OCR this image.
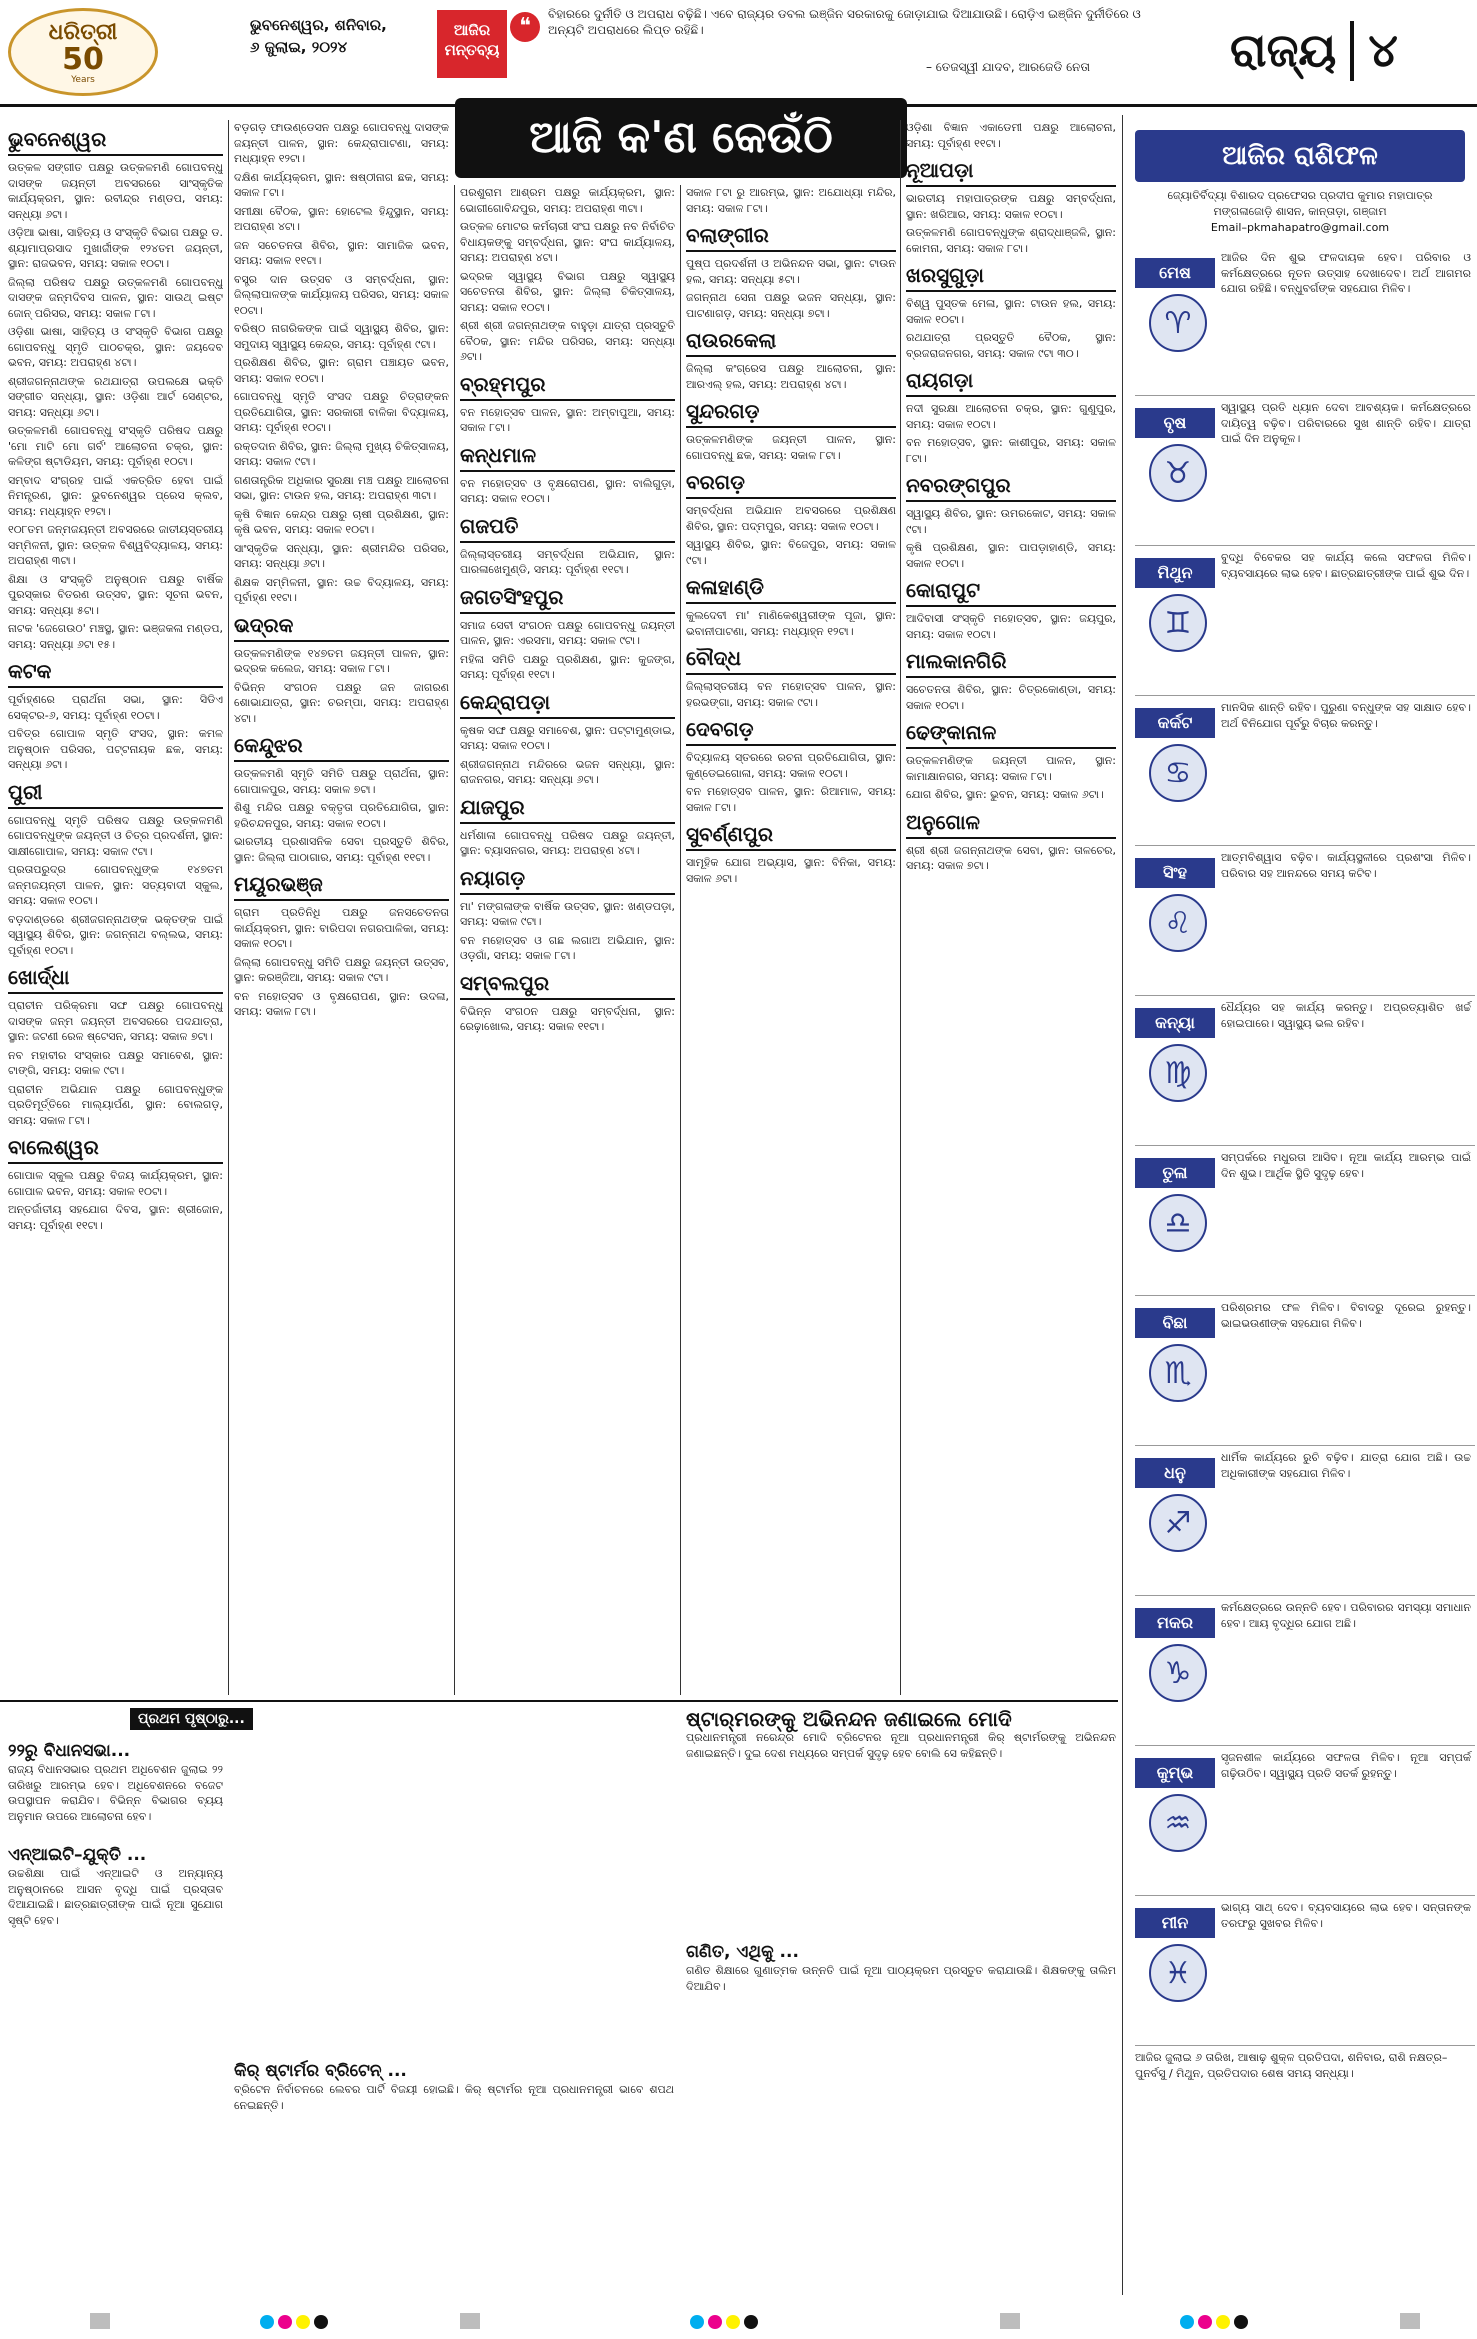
ଧରିତ୍ରୀ
50
Years
ଭୁବନେଶ୍ୱର, ଶନିବାର,
୬ ଜୁଲାଇ, ୨୦୨୪
ଆଜିର ମନ୍ତବ୍ୟ
❝	ବିହାରରେ ଦୁର୍ନୀତି ଓ ଅପରାଧ ବଢ଼ିଛି। ଏବେ ରାଜ୍ୟର ଡବଲ ଇଞ୍ଜିନ ସରକାରକୁ ଜୋଡ଼ାଯାଇ ଦିଆଯାଉଛି। ରୋଡ଼ିଏ ଇଞ୍ଜିନ ଦୁର୍ନୀତିରେ ଓ ଅନ୍ୟଟି ଅପରାଧରେ ଲିପ୍ତ ରହିଛି।
– ତେଜସ୍ୱୀ ଯାଦବ, ଆରଜେଡି ନେତା	ରାଜ୍ୟ ୪
ଆଜି କ'ଣ କେଉଁଠି
ଭୁବନେଶ୍ୱର

ଉତ୍କଳ ସଙ୍ଗୀତ ପକ୍ଷରୁ ଉତ୍କଳମଣି ଗୋପବନ୍ଧୁ ଦାସଙ୍କ ଜୟନ୍ତୀ ଅବସରରେ ସାଂସ୍କୃତିକ କାର୍ଯ୍ୟକ୍ରମ, ସ୍ଥାନ: ରବୀନ୍ଦ୍ର ମଣ୍ଡପ, ସମୟ: ସନ୍ଧ୍ୟା ୬ଟା।

ଓଡ଼ିଆ ଭାଷା, ସାହିତ୍ୟ ଓ ସଂସ୍କୃତି ବିଭାଗ ପକ୍ଷରୁ ଡ. ଶ୍ୟାମାପ୍ରସାଦ ମୁଖାର୍ଜୀଙ୍କ ୧୨୪ତମ ଜୟନ୍ତୀ, ସ୍ଥାନ: ରାଜଭବନ, ସମୟ: ସକାଳ ୧୦ଟା।

ଜିଲ୍ଲା ପରିଷଦ ପକ୍ଷରୁ ଉତ୍କଳମଣି ଗୋପବନ୍ଧୁ ଦାସଙ୍କ ଜନ୍ମଦିବସ ପାଳନ, ସ୍ଥାନ: ସାଉଥ୍ ଇଷ୍ଟ ଜୋନ୍ ପରିସର, ସମୟ: ସକାଳ ୮ଟା।

ଓଡ଼ିଶା ଭାଷା, ସାହିତ୍ୟ ଓ ସଂସ୍କୃତି ବିଭାଗ ପକ୍ଷରୁ ଗୋପବନ୍ଧୁ ସ୍ମୃତି ପାଠଚକ୍ର, ସ୍ଥାନ: ଜୟଦେବ ଭବନ, ସମୟ: ଅପରାହ୍ଣ ୪ଟା।

ଶ୍ରୀଜଗନ୍ନାଥଙ୍କ ରଥଯାତ୍ରା ଉପଲକ୍ଷେ ଭକ୍ତି ସଙ୍ଗୀତ ସନ୍ଧ୍ୟା, ସ୍ଥାନ: ଓଡ଼ିଶା ଆର୍ଟ ସେଣ୍ଟର, ସମୟ: ସନ୍ଧ୍ୟା ୬ଟା।

ଉତ୍କଳମଣି ଗୋପବନ୍ଧୁ ସଂସ୍କୃତି ପରିଷଦ ପକ୍ଷରୁ 'ମୋ ମାଟି ମୋ ଗର୍ବ' ଆଲୋଚନା ଚକ୍ର, ସ୍ଥାନ: କଳିଙ୍ଗ ଷ୍ଟାଡିୟମ, ସମୟ: ପୂର୍ବାହ୍ଣ ୧୦ଟା।

ସମ୍ବାଦ ସଂଗ୍ରହ ପାଇଁ ଏକତ୍ରିତ ହେବା ପାଇଁ ନିମନ୍ତ୍ରଣ, ସ୍ଥାନ: ଭୁବନେଶ୍ୱର ପ୍ରେସ କ୍ଲବ, ସମୟ: ମଧ୍ୟାହ୍ନ ୧୨ଟା।

୧୦୮ତମ ଜନ୍ମଜୟନ୍ତୀ ଅବସରରେ ଜାତୀୟସ୍ତରୀୟ ସମ୍ମିଳନୀ, ସ୍ଥାନ: ଉତ୍କଳ ବିଶ୍ୱବିଦ୍ୟାଳୟ, ସମୟ: ଅପରାହ୍ଣ ୩ଟା।

ଶିକ୍ଷା ଓ ସଂସ୍କୃତି ଅନୁଷ୍ଠାନ ପକ୍ଷରୁ ବାର୍ଷିକ ପୁରସ୍କାର ବିତରଣ ଉତ୍ସବ, ସ୍ଥାନ: ସୂଚନା ଭବନ, ସମୟ: ସନ୍ଧ୍ୟା ୫ଟା।

ନାଟକ 'ଜେଗେଉଠ' ମଞ୍ଚସ୍ଥ, ସ୍ଥାନ: ଭଞ୍ଜକଳା ମଣ୍ଡପ, ସମୟ: ସନ୍ଧ୍ୟା ୬ଟା ୧୫।

କଟକ

ପୂର୍ବାହ୍ଣରେ ପ୍ରାର୍ଥନା ସଭା, ସ୍ଥାନ: ସିଡିଏ ସେକ୍ଟର-୬, ସମୟ: ପୂର୍ବାହ୍ଣ ୧୦ଟା।

ପବିତ୍ର ଗୋପାଳ ସ୍ମୃତି ସଂସଦ, ସ୍ଥାନ: କମଳ ଅନୁଷ୍ଠାନ ପରିସର, ପଟ୍ଟନାୟକ ଛକ, ସମୟ: ସନ୍ଧ୍ୟା ୬ଟା।

ପୁରୀ

ଗୋପବନ୍ଧୁ ସ୍ମୃତି ପରିଷଦ ପକ୍ଷରୁ ଉତ୍କଳମଣି ଗୋପବନ୍ଧୁଙ୍କ ଜୟନ୍ତୀ ଓ ଚିତ୍ର ପ୍ରଦର୍ଶନୀ, ସ୍ଥାନ: ସାକ୍ଷୀଗୋପାଳ, ସମୟ: ସକାଳ ୯ଟା।

ପ୍ରତାପରୁଦ୍ର ଗୋପବନ୍ଧୁଙ୍କ ୧୪୭ତମ ଜନ୍ମଜୟନ୍ତୀ ପାଳନ, ସ୍ଥାନ: ସତ୍ୟବାଦୀ ସ୍କୁଲ, ସମୟ: ସକାଳ ୧୦ଟା।

ବଡ଼ଦାଣ୍ଡରେ ଶ୍ରୀଜଗନ୍ନାଥଙ୍କ ଭକ୍ତଙ୍କ ପାଇଁ ସ୍ୱାସ୍ଥ୍ୟ ଶିବିର, ସ୍ଥାନ: ଜଗନ୍ନାଥ ବଲ୍ଲଭ, ସମୟ: ପୂର୍ବାହ୍ଣ ୧୦ଟା।

ଖୋର୍ଦ୍ଧା

ପ୍ରାଚୀନ ପରିକ୍ରମା ସଙ୍ଘ ପକ୍ଷରୁ ଗୋପବନ୍ଧୁ ଦାସଙ୍କ ଜନ୍ମ ଜୟନ୍ତୀ ଅବସରରେ ପଦଯାତ୍ରା, ସ୍ଥାନ: ଜଟଣୀ ରେଳ ଷ୍ଟେସନ, ସମୟ: ସକାଳ ୭ଟା।

ନବ ମହାବୀର ସଂସ୍କାର ପକ୍ଷରୁ ସମାବେଶ, ସ୍ଥାନ: ଟାଙ୍ଗି, ସମୟ: ସକାଳ ୯ଟା।

ପ୍ରାଚୀନ ଅଭିଯାନ ପକ୍ଷରୁ ଗୋପବନ୍ଧୁଙ୍କ ପ୍ରତିମୂର୍ତ୍ତିରେ ମାଲ୍ୟାର୍ପଣ, ସ୍ଥାନ: ବୋଲଗଡ଼, ସମୟ: ସକାଳ ୮ଟା।

ବାଲେଶ୍ୱର

ଗୋପାଳ ସ୍କୁଲ ପକ୍ଷରୁ ବିଜୟ କାର୍ଯ୍ୟକ୍ରମ, ସ୍ଥାନ: ଗୋପାଳ ଭବନ, ସମୟ: ସକାଳ ୧୦ଟା।

ଅନ୍ତର୍ଜାତୀୟ ସହଯୋଗ ଦିବସ, ସ୍ଥାନ: ଶ୍ରୀଜୋନ, ସମୟ: ପୂର୍ବାହ୍ଣ ୧୧ଟା।

ବଡ଼ଗଡ଼ ଫାଉଣ୍ଡେସନ ପକ୍ଷରୁ ଗୋପବନ୍ଧୁ ଦାସଙ୍କ ଜୟନ୍ତୀ ପାଳନ, ସ୍ଥାନ: କେନ୍ଦ୍ରାପାଟଣା, ସମୟ: ମଧ୍ୟାହ୍ନ ୧୨ଟା।

ଦକ୍ଷିଣ କାର୍ଯ୍ୟକ୍ରମ, ସ୍ଥାନ: ଷଷ୍ଠୀନାଗ ଛକ, ସମୟ: ସକାଳ ୮ଟା।

ସମୀକ୍ଷା ବୈଠକ, ସ୍ଥାନ: ହୋଟେଲ ହିନ୍ଦୁସ୍ଥାନ, ସମୟ: ଅପରାହ୍ଣ ୪ଟା।

ଜନ ସଚେତନତା ଶିବିର, ସ୍ଥାନ: ସାମାଜିକ ଭବନ, ସମୟ: ସକାଳ ୧୧ଟା।

ବସ୍ତ୍ର ଦାନ ଉତ୍ସବ ଓ ସମ୍ବର୍ଦ୍ଧନା, ସ୍ଥାନ: ଜିଲ୍ଲାପାଳଙ୍କ କାର୍ଯ୍ୟାଳୟ ପରିସର, ସମୟ: ସକାଳ ୧୦ଟା।

ବରିଷ୍ଠ ନାଗରିକଙ୍କ ପାଇଁ ସ୍ୱାସ୍ଥ୍ୟ ଶିବିର, ସ୍ଥାନ: ସମୁଦାୟ ସ୍ୱାସ୍ଥ୍ୟ କେନ୍ଦ୍ର, ସମୟ: ପୂର୍ବାହ୍ଣ ୯ଟା।

ପ୍ରଶିକ୍ଷଣ ଶିବିର, ସ୍ଥାନ: ଗ୍ରାମ ପଞ୍ଚାୟତ ଭବନ, ସମୟ: ସକାଳ ୧୦ଟା।

ଗୋପବନ୍ଧୁ ସ୍ମୃତି ସଂସଦ ପକ୍ଷରୁ ଚିତ୍ରାଙ୍କନ ପ୍ରତିଯୋଗିତା, ସ୍ଥାନ: ସରକାରୀ ବାଳିକା ବିଦ୍ୟାଳୟ, ସମୟ: ପୂର୍ବାହ୍ଣ ୧୦ଟା।

ରକ୍ତଦାନ ଶିବିର, ସ୍ଥାନ: ଜିଲ୍ଲା ମୁଖ୍ୟ ଚିକିତ୍ସାଳୟ, ସମୟ: ସକାଳ ୯ଟା।

ଗଣତାନ୍ତ୍ରିକ ଅଧିକାର ସୁରକ୍ଷା ମଞ୍ଚ ପକ୍ଷରୁ ଆଲୋଚନା ସଭା, ସ୍ଥାନ: ଟାଉନ ହଲ, ସମୟ: ଅପରାହ୍ଣ ୩ଟା।

କୃଷି ବିଜ୍ଞାନ କେନ୍ଦ୍ର ପକ୍ଷରୁ ଚାଷୀ ପ୍ରଶିକ୍ଷଣ, ସ୍ଥାନ: କୃଷି ଭବନ, ସମୟ: ସକାଳ ୧୦ଟା।

ସାଂସ୍କୃତିକ ସନ୍ଧ୍ୟା, ସ୍ଥାନ: ଶ୍ରୀମନ୍ଦିର ପରିସର, ସମୟ: ସନ୍ଧ୍ୟା ୬ଟା।

ଶିକ୍ଷକ ସମ୍ମିଳନୀ, ସ୍ଥାନ: ଉଚ୍ଚ ବିଦ୍ୟାଳୟ, ସମୟ: ପୂର୍ବାହ୍ଣ ୧୧ଟା।

ଭଦ୍ରକ

ଉତ୍କଳମଣିଙ୍କ ୧୪୭ତମ ଜୟନ୍ତୀ ପାଳନ, ସ୍ଥାନ: ଭଦ୍ରକ କଲେଜ, ସମୟ: ସକାଳ ୮ଟା।

ବିଭିନ୍ନ ସଂଗଠନ ପକ୍ଷରୁ ଜନ ଜାଗରଣ ଶୋଭାଯାତ୍ରା, ସ୍ଥାନ: ଚରମ୍ପା, ସମୟ: ଅପରାହ୍ଣ ୪ଟା।

କେନ୍ଦୁଝର

ଉତ୍କଳମଣି ସ୍ମୃତି ସମିତି ପକ୍ଷରୁ ପ୍ରାର୍ଥନା, ସ୍ଥାନ: ଗୋପାଳପୁର, ସମୟ: ସକାଳ ୭ଟା।

ଶିଶୁ ମନ୍ଦିର ପକ୍ଷରୁ ବକ୍ତୃତା ପ୍ରତିଯୋଗିତା, ସ୍ଥାନ: ହରିଚନ୍ଦନପୁର, ସମୟ: ସକାଳ ୧୦ଟା।

ଭାରତୀୟ ପ୍ରଶାସନିକ ସେବା ପ୍ରସ୍ତୁତି ଶିବିର, ସ୍ଥାନ: ଜିଲ୍ଲା ପାଠାଗାର, ସମୟ: ପୂର୍ବାହ୍ଣ ୧୧ଟା।

ମୟୂରଭଞ୍ଜ

ଗ୍ରାମ ପ୍ରତିନିଧି ପକ୍ଷରୁ ଜନସଚେତନତା କାର୍ଯ୍ୟକ୍ରମ, ସ୍ଥାନ: ବାରିପଦା ନଗରପାଳିକା, ସମୟ: ସକାଳ ୧୦ଟା।

ଜିଲ୍ଲା ଗୋପବନ୍ଧୁ ସମିତି ପକ୍ଷରୁ ଜୟନ୍ତୀ ଉତ୍ସବ, ସ୍ଥାନ: କରଞ୍ଜିଆ, ସମୟ: ସକାଳ ୯ଟା।

ବନ ମହୋତ୍ସବ ଓ ବୃକ୍ଷରୋପଣ, ସ୍ଥାନ: ଉଦଳା, ସମୟ: ସକାଳ ୮ଟା।

ପରଶୁରାମ ଆଶ୍ରମ ପକ୍ଷରୁ କାର୍ଯ୍ୟକ୍ରମ, ସ୍ଥାନ: ଭୋଗୀଗୋବିନ୍ଦପୁର, ସମୟ: ଅପରାହ୍ଣ ୩ଟା।

ଉତ୍କଳ ମୋଟର କର୍ମଚାରୀ ସଂଘ ପକ୍ଷରୁ ନବ ନିର୍ବାଚିତ ବିଧାୟକଙ୍କୁ ସମ୍ବର୍ଦ୍ଧନା, ସ୍ଥାନ: ସଂଘ କାର୍ଯ୍ୟାଳୟ, ସମୟ: ଅପରାହ୍ଣ ୪ଟା।

ଭଦ୍ରକ ସ୍ୱାସ୍ଥ୍ୟ ବିଭାଗ ପକ୍ଷରୁ ସ୍ୱାସ୍ଥ୍ୟ ସଚେତନତା ଶିବିର, ସ୍ଥାନ: ଜିଲ୍ଲା ଚିକିତ୍ସାଳୟ, ସମୟ: ସକାଳ ୧୦ଟା।

ଶ୍ରୀ ଶ୍ରୀ ଜଗନ୍ନାଥଙ୍କ ବାହୁଡ଼ା ଯାତ୍ରା ପ୍ରସ୍ତୁତି ବୈଠକ, ସ୍ଥାନ: ମନ୍ଦିର ପରିସର, ସମୟ: ସନ୍ଧ୍ୟା ୬ଟା।

ବ୍ରହ୍ମପୁର

ବନ ମହୋତ୍ସବ ପାଳନ, ସ୍ଥାନ: ଅମ୍ବାପୁଆ, ସମୟ: ସକାଳ ୮ଟା।

କନ୍ଧମାଳ

ବନ ମହୋତ୍ସବ ଓ ବୃକ୍ଷରୋପଣ, ସ୍ଥାନ: ବାଲିଗୁଡ଼ା, ସମୟ: ସକାଳ ୧୦ଟା।

ଗଜପତି

ଜିଲ୍ଲାସ୍ତରୀୟ ସମ୍ବର୍ଦ୍ଧନା ଅଭିଯାନ, ସ୍ଥାନ: ପାରଳାଖେମୁଣ୍ଡି, ସମୟ: ପୂର୍ବାହ୍ଣ ୧୧ଟା।

ଜଗତସିଂହପୁର

ସମାଜ ସେବୀ ସଂଗଠନ ପକ୍ଷରୁ ଗୋପବନ୍ଧୁ ଜୟନ୍ତୀ ପାଳନ, ସ୍ଥାନ: ଏରସମା, ସମୟ: ସକାଳ ୯ଟା।

ମହିଳା ସମିତି ପକ୍ଷରୁ ପ୍ରଶିକ୍ଷଣ, ସ୍ଥାନ: କୁଜଙ୍ଗ, ସମୟ: ପୂର୍ବାହ୍ଣ ୧୧ଟା।

କେନ୍ଦ୍ରାପଡ଼ା

କୃଷକ ସଙ୍ଘ ପକ୍ଷରୁ ସମାବେଶ, ସ୍ଥାନ: ପଟ୍ଟାମୁଣ୍ଡାଇ, ସମୟ: ସକାଳ ୧୦ଟା।

ଶ୍ରୀଜଗନ୍ନାଥ ମନ୍ଦିରରେ ଭଜନ ସନ୍ଧ୍ୟା, ସ୍ଥାନ: ରାଜନଗର, ସମୟ: ସନ୍ଧ୍ୟା ୬ଟା।

ଯାଜପୁର

ଧର୍ମଶାଳା ଗୋପବନ୍ଧୁ ପରିଷଦ ପକ୍ଷରୁ ଜୟନ୍ତୀ, ସ୍ଥାନ: ବ୍ୟାସନଗର, ସମୟ: ଅପରାହ୍ଣ ୪ଟା।

ନୟାଗଡ଼

ମା' ମଙ୍ଗଳାଙ୍କ ବାର୍ଷିକ ଉତ୍ସବ, ସ୍ଥାନ: ଖଣ୍ଡପଡ଼ା, ସମୟ: ସକାଳ ୯ଟା।

ବନ ମହୋତ୍ସବ ଓ ଗଛ ଲଗାଅ ଅଭିଯାନ, ସ୍ଥାନ: ଓଡ଼଼ଗାଁ, ସମୟ: ସକାଳ ୮ଟା।

ସମ୍ବଲପୁର

ବିଭିନ୍ନ ସଂଗଠନ ପକ୍ଷରୁ ସମ୍ବର୍ଦ୍ଧନା, ସ୍ଥାନ: ରେଢ଼ାଖୋଲ, ସମୟ: ସକାଳ ୧୧ଟା।

ସକାଳ ୮ଟା ରୁ ଆରମ୍ଭ, ସ୍ଥାନ: ଅଯୋଧ୍ୟା ମନ୍ଦିର, ସମୟ: ସକାଳ ୮ଟା।

ବଲାଙ୍ଗୀର

ପୁଷ୍ପ ପ୍ରଦର୍ଶନୀ ଓ ଅଭିନନ୍ଦନ ସଭା, ସ୍ଥାନ: ଟାଉନ ହଲ, ସମୟ: ସନ୍ଧ୍ୟା ୫ଟା।

ଜଗନ୍ନାଥ ସେନା ପକ୍ଷରୁ ଭଜନ ସନ୍ଧ୍ୟା, ସ୍ଥାନ: ପାଟଣାଗଡ଼, ସମୟ: ସନ୍ଧ୍ୟା ୭ଟା।

ରାଉରକେଲା

ଜିଲ୍ଲା କଂଗ୍ରେସ ପକ୍ଷରୁ ଆଲୋଚନା, ସ୍ଥାନ: ଆରଏଲ୍ ହଲ, ସମୟ: ଅପରାହ୍ଣ ୪ଟା।

ସୁନ୍ଦରଗଡ଼

ଉତ୍କଳମଣିଙ୍କ ଜୟନ୍ତୀ ପାଳନ, ସ୍ଥାନ: ଗୋପବନ୍ଧୁ ଛକ, ସମୟ: ସକାଳ ୮ଟା।

ବରଗଡ଼

ସମ୍ବର୍ଦ୍ଧନା ଅଭିଯାନ ଅବସରରେ ପ୍ରଶିକ୍ଷଣ ଶିବିର, ସ୍ଥାନ: ପଦ୍ମପୁର, ସମୟ: ସକାଳ ୧୦ଟା।

ସ୍ୱାସ୍ଥ୍ୟ ଶିବିର, ସ୍ଥାନ: ବିଜେପୁର, ସମୟ: ସକାଳ ୯ଟା।

କଳାହାଣ୍ଡି

କୁଲଦେବୀ ମା' ମାଣିକେଶ୍ୱରୀଙ୍କ ପୂଜା, ସ୍ଥାନ: ଭବାନୀପାଟଣା, ସମୟ: ମଧ୍ୟାହ୍ନ ୧୨ଟା।

ବୌଦ୍ଧ

ଜିଲ୍ଲାସ୍ତରୀୟ ବନ ମହୋତ୍ସବ ପାଳନ, ସ୍ଥାନ: ହରଭଙ୍ଗା, ସମୟ: ସକାଳ ୯ଟା।

ଦେବଗଡ଼

ବିଦ୍ୟାଳୟ ସ୍ତରରେ ରଚନା ପ୍ରତିଯୋଗିତା, ସ୍ଥାନ: କୁଣ୍ଡେଇଗୋଳା, ସମୟ: ସକାଳ ୧୦ଟା।

ବନ ମହୋତ୍ସବ ପାଳନ, ସ୍ଥାନ: ରିଆମାଳ, ସମୟ: ସକାଳ ୮ଟା।

ସୁବର୍ଣ୍ଣପୁର

ସାମୂହିକ ଯୋଗ ଅଭ୍ୟାସ, ସ୍ଥାନ: ବିନିକା, ସମୟ: ସକାଳ ୬ଟା।

ଓଡ଼ିଶା ବିଜ୍ଞାନ ଏକାଡେମୀ ପକ୍ଷରୁ ଆଲୋଚନା, ସମୟ: ପୂର୍ବାହ୍ଣ ୧୧ଟା।

ନୂଆପଡ଼ା

ଭାରତୀୟ ମହାପାତ୍ରଙ୍କ ପକ୍ଷରୁ ସମ୍ବର୍ଦ୍ଧନା, ସ୍ଥାନ: ଖରିଆର, ସମୟ: ସକାଳ ୧୦ଟା।

ଉତ୍କଳମଣି ଗୋପବନ୍ଧୁଙ୍କ ଶ୍ରାଦ୍ଧାଞ୍ଜଳି, ସ୍ଥାନ: କୋମନା, ସମୟ: ସକାଳ ୮ଟା।

ଖରସୁଗୁଡ଼ା

ବିଶ୍ୱ ପୁସ୍ତକ ମେଳା, ସ୍ଥାନ: ଟାଉନ ହଲ, ସମୟ: ସକାଳ ୧୦ଟା।

ରଥଯାତ୍ରା ପ୍ରସ୍ତୁତି ବୈଠକ, ସ୍ଥାନ: ବ୍ରଜରାଜନଗର, ସମୟ: ସକାଳ ୯ଟା ୩୦।

ରାୟଗଡ଼ା

ନଦୀ ସୁରକ୍ଷା ଆଲୋଚନା ଚକ୍ର, ସ୍ଥାନ: ଗୁଣୁପୁର, ସମୟ: ସକାଳ ୧୦ଟା।

ବନ ମହୋତ୍ସବ, ସ୍ଥାନ: କାଶୀପୁର, ସମୟ: ସକାଳ ୮ଟା।

ନବରଙ୍ଗପୁର

ସ୍ୱାସ୍ଥ୍ୟ ଶିବିର, ସ୍ଥାନ: ଉମରକୋଟ, ସମୟ: ସକାଳ ୯ଟା।

କୃଷି ପ୍ରଶିକ୍ଷଣ, ସ୍ଥାନ: ପାପଡ଼ାହାଣ୍ଡି, ସମୟ: ସକାଳ ୧୦ଟା।

କୋରାପୁଟ

ଆଦିବାସୀ ସଂସ୍କୃତି ମହୋତ୍ସବ, ସ୍ଥାନ: ଜୟପୁର, ସମୟ: ସକାଳ ୧୦ଟା।

ମାଲକାନଗିରି

ସଚେତନତା ଶିବିର, ସ୍ଥାନ: ଚିତ୍ରକୋଣ୍ଡା, ସମୟ: ସକାଳ ୧୦ଟା।

ଢେଙ୍କାନାଳ

ଉତ୍କଳମଣିଙ୍କ ଜୟନ୍ତୀ ପାଳନ, ସ୍ଥାନ: କାମାକ୍ଷାନଗର, ସମୟ: ସକାଳ ୮ଟା।

ଯୋଗ ଶିବିର, ସ୍ଥାନ: ଭୁବନ, ସମୟ: ସକାଳ ୬ଟା।

ଅନୁଗୋଳ

ଶ୍ରୀ ଶ୍ରୀ ଜଗନ୍ନାଥଙ୍କ ସେବା, ସ୍ଥାନ: ତାଳଚେର, ସମୟ: ସକାଳ ୭ଟା।

ଆଜିର ରାଶିଫଳ
ଜ୍ୟୋତିର୍ବିଦ୍ୟା ବିଶାରଦ ପ୍ରଫେସର ପ୍ରଦୀପ କୁମାର ମହାପାତ୍ର
ମଙ୍ଗଳାଜୋଡ଼ି ଶାସନ, କାନ୍ତାଡ଼ା, ଗଞ୍ଜାମ
Email–pkmahapatro@gmail.com
ମେଷ
♈
ଆଜିର ଦିନ ଶୁଭ ଫଳଦାୟକ ହେବ। ପରିବାର ଓ କର୍ମକ୍ଷେତ୍ରରେ ନୂତନ ଉତ୍ସାହ ଦେଖାଦେବ। ଅର୍ଥ ଆଗମର ଯୋଗ ରହିଛି। ବନ୍ଧୁବର୍ଗଙ୍କ ସହଯୋଗ ମିଳିବ।
ବୃଷ
♉
ସ୍ୱାସ୍ଥ୍ୟ ପ୍ରତି ଧ୍ୟାନ ଦେବା ଆବଶ୍ୟକ। କର୍ମକ୍ଷେତ୍ରରେ ଦାୟିତ୍ୱ ବଢ଼ିବ। ପରିବାରରେ ସୁଖ ଶାନ୍ତି ରହିବ। ଯାତ୍ରା ପାଇଁ ଦିନ ଅନୁକୂଳ।
ମିଥୁନ
♊
ବୁଦ୍ଧି ବିବେକର ସହ କାର୍ଯ୍ୟ କଲେ ସଫଳତା ମିଳିବ। ବ୍ୟବସାୟରେ ଲାଭ ହେବ। ଛାତ୍ରଛାତ୍ରୀଙ୍କ ପାଇଁ ଶୁଭ ଦିନ।
କର୍କଟ
♋
ମାନସିକ ଶାନ୍ତି ରହିବ। ପୁରୁଣା ବନ୍ଧୁଙ୍କ ସହ ସାକ୍ଷାତ ହେବ। ଅର୍ଥ ବିନିଯୋଗ ପୂର୍ବରୁ ବିଚାର କରନ୍ତୁ।
ସିଂହ
♌
ଆତ୍ମବିଶ୍ୱାସ ବଢ଼ିବ। କାର୍ଯ୍ୟସ୍ଥଳୀରେ ପ୍ରଶଂସା ମିଳିବ। ପରିବାର ସହ ଆନନ୍ଦରେ ସମୟ କଟିବ।
କନ୍ୟା
♍
ଧୈର୍ଯ୍ୟର ସହ କାର୍ଯ୍ୟ କରନ୍ତୁ। ଅପ୍ରତ୍ୟାଶିତ ଖର୍ଚ୍ଚ ହୋଇପାରେ। ସ୍ୱାସ୍ଥ୍ୟ ଭଲ ରହିବ।
ତୁଳା
♎
ସମ୍ପର୍କରେ ମଧୁରତା ଆସିବ। ନୂଆ କାର୍ଯ୍ୟ ଆରମ୍ଭ ପାଇଁ ଦିନ ଶୁଭ। ଆର୍ଥିକ ସ୍ଥିତି ସୁଦୃଢ଼ ହେବ।
ବିଛା
♏
ପରିଶ୍ରମର ଫଳ ମିଳିବ। ବିବାଦରୁ ଦୂରେଇ ରୁହନ୍ତୁ। ଭାଇଭଉଣୀଙ୍କ ସହଯୋଗ ମିଳିବ।
ଧନୁ
♐
ଧାର୍ମିକ କାର୍ଯ୍ୟରେ ରୁଚି ବଢ଼ିବ। ଯାତ୍ରା ଯୋଗ ଅଛି। ଉଚ୍ଚ ଅଧିକାରୀଙ୍କ ସହଯୋଗ ମିଳିବ।
ମକର
♑
କର୍ମକ୍ଷେତ୍ରରେ ଉନ୍ନତି ହେବ। ପରିବାରର ସମସ୍ୟା ସମାଧାନ ହେବ। ଆୟ ବୃଦ୍ଧିର ଯୋଗ ଅଛି।
କୁମ୍ଭ
♒
ସୃଜନଶୀଳ କାର୍ଯ୍ୟରେ ସଫଳତା ମିଳିବ। ନୂଆ ସମ୍ପର୍କ ଗଢ଼ିଉଠିବ। ସ୍ୱାସ୍ଥ୍ୟ ପ୍ରତି ସତର୍କ ରୁହନ୍ତୁ।
ମୀନ
♓
ଭାଗ୍ୟ ସାଥ୍ ଦେବ। ବ୍ୟବସାୟରେ ଲାଭ ହେବ। ସନ୍ତାନଙ୍କ ତରଫରୁ ସୁଖବର ମିଳିବ।
ଆଜିର ଜୁଲାଇ ୬ ତାରିଖ, ଆଷାଢ଼ ଶୁକ୍ଳ ପ୍ରତିପଦା, ଶନିବାର, ରାଶି ନକ୍ଷତ୍ର–ପୁନର୍ବସୁ / ମିଥୁନ, ପ୍ରତିପଦାର ଶେଷ ସମୟ ସନ୍ଧ୍ୟା।
ପ୍ରଥମ ପୃଷ୍ଠାରୁ...
୨୨ରୁ ବିଧାନସଭା...

ରାଜ୍ୟ ବିଧାନସଭାର ପ୍ରଥମ ଅଧିବେଶନ ଜୁଲାଇ ୨୨ ତାରିଖରୁ ଆରମ୍ଭ ହେବ। ଅଧିବେଶନରେ ବଜେଟ ଉପସ୍ଥାପନ କରାଯିବ। ବିଭିନ୍ନ ବିଭାଗର ବ୍ୟୟ ଅନୁମାନ ଉପରେ ଆଲୋଚନା ହେବ।

ଏନ୍‌ଆଇଟି–ଯୁକ୍ତି ...

ଉଚ୍ଚଶିକ୍ଷା ପାଇଁ ଏନ୍‌ଆଇଟି ଓ ଅନ୍ୟାନ୍ୟ ଅନୁଷ୍ଠାନରେ ଆସନ ବୃଦ୍ଧି ପାଇଁ ପ୍ରସ୍ତାବ ଦିଆଯାଇଛି। ଛାତ୍ରଛାତ୍ରୀଙ୍କ ପାଇଁ ନୂଆ ସୁଯୋଗ ସୃଷ୍ଟି ହେବ।

କିର୍ ଷ୍ଟାର୍ମର ବ୍ରିଟେନ୍ ...

ବ୍ରିଟେନ ନିର୍ବାଚନରେ ଲେବର ପାର୍ଟି ବିଜୟୀ ହୋଇଛି। କିର୍ ଷ୍ଟାର୍ମର ନୂଆ ପ୍ରଧାନମନ୍ତ୍ରୀ ଭାବେ ଶପଥ ନେଇଛନ୍ତି।

ଷ୍ଟାର୍‌ମରଙ୍କୁ ଅଭିନନ୍ଦନ ଜଣାଇଲେ ମୋଦି

ପ୍ରଧାନମନ୍ତ୍ରୀ ନରେନ୍ଦ୍ର ମୋଦି ବ୍ରିଟେନର ନୂଆ ପ୍ରଧାନମନ୍ତ୍ରୀ କିର୍ ଷ୍ଟାର୍ମରଙ୍କୁ ଅଭିନନ୍ଦନ ଜଣାଇଛନ୍ତି। ଦୁଇ ଦେଶ ମଧ୍ୟରେ ସମ୍ପର୍କ ସୁଦୃଢ଼ ହେବ ବୋଲି ସେ କହିଛନ୍ତି।

ଗଣିତ, ଏଥିକୁ ...

ଗଣିତ ଶିକ୍ଷାରେ ଗୁଣାତ୍ମକ ଉନ୍ନତି ପାଇଁ ନୂଆ ପାଠ୍ୟକ୍ରମ ପ୍ରସ୍ତୁତ କରାଯାଉଛି। ଶିକ୍ଷକଙ୍କୁ ତାଲିମ ଦିଆଯିବ।
